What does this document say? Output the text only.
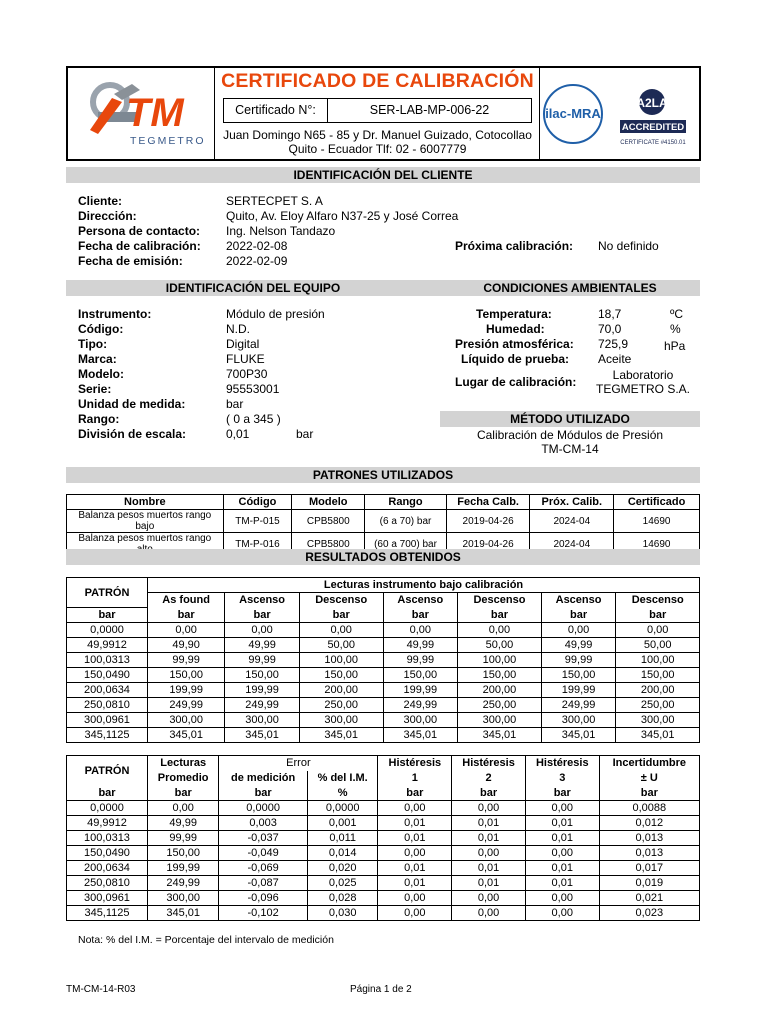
TM
TEGMETRO
CERTIFICADO DE CALIBRACIÓN
Certificado N°:	SER-LAB-MP-006-22
Juan Domingo N65 - 85 y Dr. Manuel Guizado, Cotocollao
Quito - Ecuador Tlf: 02 - 6007779
ilac-MRA
A2LA
ACCREDITED
CERTIFICATE #4150.01
IDENTIFICACIÓN DEL CLIENTE
Cliente:	SERTECPET S. A
Dirección:	Quito, Av. Eloy Alfaro N37-25 y José Correa
Persona de contacto: Ing. Nelson Tandazo
Fecha de calibración: 2022-02-08	Próxima calibración: No definido
Fecha de emisión:	2022-02-09
IDENTIFICACIÓN DEL EQUIPO	CONDICIONES AMBIENTALES
Instrumento:	Módulo de presión
Código:	N.D.
Tipo:	Digital
Marca:	FLUKE
Modelo:	700P30
Serie:	95553001
Unidad de medida:	bar
Rango:	( 0 a 345 )
División de escala:	0,01	bar
Temperatura:	18,7	ºC
Humedad:	70,0	%
Presión atmosférica: 725,9	hPa
Líquido de prueba: Aceite
Lugar de calibración:	Laboratorio
TEGMETRO S.A.
MÉTODO UTILIZADO
Calibración de Módulos de Presión
TM-CM-14
PATRONES UTILIZADOS
Nombre	Código	Modelo	Rango	Fecha Calb.	Próx. Calib.	Certificado
Balanza pesos muertos rango bajo	TM-P-015	CPB5800	(6 a 70) bar	2019-04-26	2024-04	14690
Balanza pesos muertos rango	TM-P-016	CPB5800	(60 a 700) bar	2019-04-26	2024-04	14690
RESULTADOS OBTENIDOS
PATRÓN	Lecturas instrumento bajo calibración						
	As found	Ascenso	Descenso	Ascenso	Descenso	Ascenso	Descenso
bar	bar	bar	bar	bar	bar	bar	bar
0,0000	0,00	0,00	0,00	0,00	0,00	0,00	0,00
49,9912	49,90	49,99	50,00	49,99	50,00	49,99	50,00
100,0313	99,99	99,99	100,00	99,99	100,00	99,99	100,00
150,0490	150,00	150,00	150,00	150,00	150,00	150,00	150,00
200,0634	199,99	199,99	200,00	199,99	200,00	199,99	200,00
250,0810	249,99	249,99	250,00	249,99	250,00	249,99	250,00
300,0961	300,00	300,00	300,00	300,00	300,00	300,00	300,00
345,1125	345,01	345,01	345,01	345,01	345,01	345,01	345,01
PATRÓN	Lecturas	Error		Histéresis	Histéresis	Histéresis	Incertidumbre
	Promedio	de medición	% del I.M.	1	2	3	± U
bar	bar	bar	%	bar	bar	bar	bar
0,0000	0,00	0,0000	0,0000	0,00	0,00	0,00	0,0088
49,9912	49,99	0,003	0,001	0,01	0,01	0,01	0,012
100,0313	99,99	-0,037	0,011	0,01	0,01	0,01	0,013
150,0490	150,00	-0,049	0,014	0,00	0,00	0,00	0,013
200,0634	199,99	-0,069	0,020	0,01	0,01	0,01	0,017
250,0810	249,99	-0,087	0,025	0,01	0,01	0,01	0,019
300,0961	300,00	-0,096	0,028	0,00	0,00	0,00	0,021
345,1125	345,01	-0,102	0,030	0,00	0,00	0,00	0,023
Nota: % del I.M. = Porcentaje del intervalo de medición
TM-CM-14-R03	Página 1 de 2
